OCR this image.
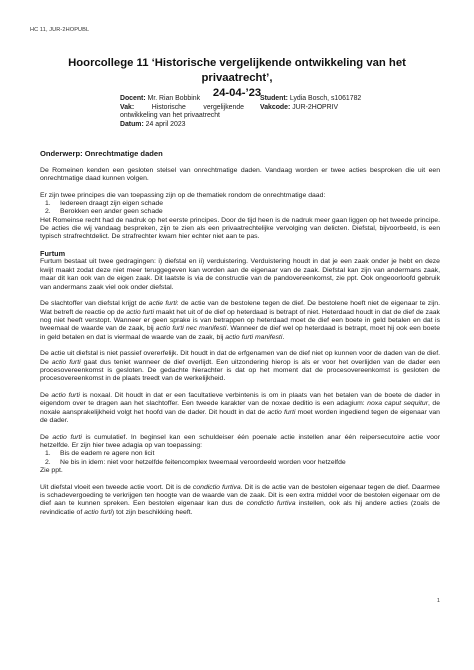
HC 11, JUR-2HOPUBL
Hoorcollege 11 ‘Historische vergelijkende ontwikkeling van het privaatrecht’,
24-04-’23
Docent: Mr. Rian Bobbink
Vak:	Historische vergelijkende ontwikkeling van het privaatrecht
Datum: 24 april 2023
Student: Lydia Bosch, s1061782
Vakcode: JUR-2HOPRIV
Onderwerp: Onrechtmatige daden

De Romeinen kenden een gesloten stelsel van onrechtmatige daden. Vandaag worden er twee acties besproken die uit een onrechtmatige daad kunnen volgen.

Er zijn twee principes die van toepassing zijn op de thematiek rondom de onrechtmatige daad:

1. Iedereen draagt zijn eigen schade
2. Berokken een ander geen schade

Het Romeinse recht had de nadruk op het eerste principes. Door de tijd heen is de nadruk meer gaan liggen op het tweede principe. De acties die wij vandaag bespreken, zijn te zien als een privaatrechtelijke vervolging van delicten. Diefstal, bijvoorbeeld, is een typisch strafrechtdelict. De strafrechter kwam hier echter niet aan te pas.

Furtum

Furtum bestaat uit twee gedragingen: i) diefstal en ii) verduistering. Verduistering houdt in dat je een zaak onder je hebt en deze kwijt maakt zodat deze niet meer teruggegeven kan worden aan de eigenaar van de zaak. Diefstal kan zijn van andermans zaak, maar dit kan ook van de eigen zaak. Dit laatste is via de constructie van de pandovereenkomst, zie ppt. Ook ongeoorloofd gebruik van andermans zaak viel ook onder diefstal.

De slachtoffer van diefstal krijgt de actie furti: de actie van de bestolene tegen de dief. De bestolene hoeft niet de eigenaar te zijn. Wat betreft de reactie op de actio furti maakt het uit of de dief op heterdaad is betrapt of niet. Heterdaad houdt in dat de dief de zaak nog niet heeft verstopt. Wanneer er geen sprake is van betrappen op heterdaad moet de dief een boete in geld betalen en dat is tweemaal de waarde van de zaak, bij actio furti nec manifesti. Wanneer de dief wel op heterdaad is betrapt, moet hij ook een boete in geld betalen en dat is viermaal de waarde van de zaak, bij actio furti manifesti.

De actie uit diefstal is niet passief overerfelijk. Dit houdt in dat de erfgenamen van de dief niet op kunnen voor de daden van de dief. De actio furti gaat dus teniet wanneer de dief overlijdt. Een uitzondering hierop is als er voor het overlijden van de dader een procesovereenkomst is gesloten. De gedachte hierachter is dat op het moment dat de procesovereenkomst is gesloten de procesovereenkomst in de plaats treedt van de werkelijkheid.

De actio furti is noxaal. Dit houdt in dat er een facultatieve verbintenis is om in plaats van het betalen van de boete de dader in eigendom over te dragen aan het slachtoffer. Een tweede karakter van de noxae deditio is een adagium: noxa caput sequitur, de noxale aansprakelijkheid volgt het hoofd van de dader. Dit houdt in dat de actio furti moet worden ingediend tegen de eigenaar van de dader.

De actio furti is cumulatief. In beginsel kan een schuldeiser één poenale actie instellen anar één reipersecutoire actie voor hetzelfde. Er zijn hier twee adagia op van toepassing:

1. Bis de eadem re agere non licit
2. Ne bis in idem: niet voor hetzelfde feitencomplex tweemaal veroordeeld worden voor hetzelfde

Zie ppt.

Uit diefstal vloeit een tweede actie voort. Dit is de condictio furtiva. Dit is de actie van de bestolen eigenaar tegen de dief. Daarmee is schadevergoeding te verkrijgen ten hoogte van de waarde van de zaak. Dit is een extra middel voor de bestolen eigenaar om de dief aan te kunnen spreken. Een bestolen eigenaar kan dus de condictio furtiva instellen, ook als hij andere acties (zoals de revindicatie of actio furti) tot zijn beschikking heeft.

1
